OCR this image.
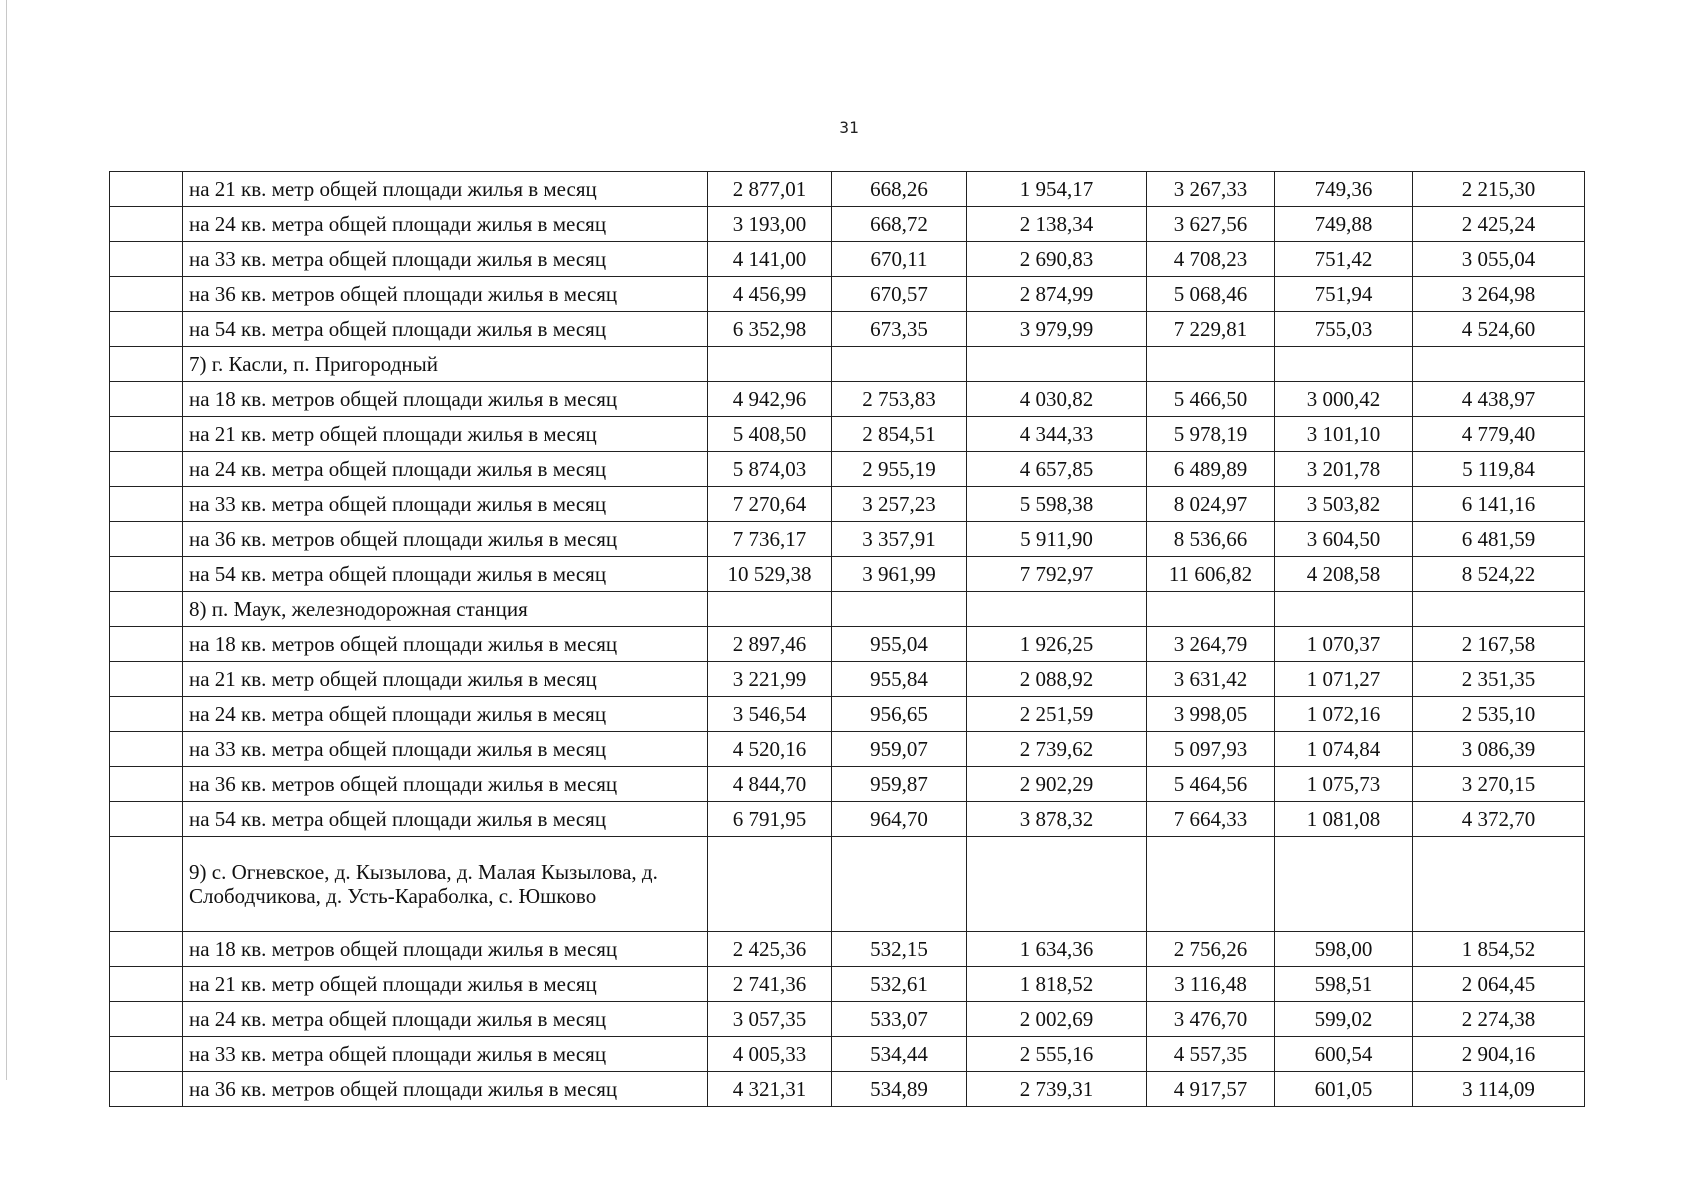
31
	на 21 кв. метр общей площади жилья в месяц	2 877,01	668,26	1 954,17	3 267,33	749,36	2 215,30
	на 24 кв. метра общей площади жилья в месяц	3 193,00	668,72	2 138,34	3 627,56	749,88	2 425,24
	на 33 кв. метра общей площади жилья в месяц	4 141,00	670,11	2 690,83	4 708,23	751,42	3 055,04
	на 36 кв. метров общей площади жилья в месяц	4 456,99	670,57	2 874,99	5 068,46	751,94	3 264,98
	на 54 кв. метра общей площади жилья в месяц	6 352,98	673,35	3 979,99	7 229,81	755,03	4 524,60
	7) г. Касли, п. Пригородный						
	на 18 кв. метров общей площади жилья в месяц	4 942,96	2 753,83	4 030,82	5 466,50	3 000,42	4 438,97
	на 21 кв. метр общей площади жилья в месяц	5 408,50	2 854,51	4 344,33	5 978,19	3 101,10	4 779,40
	на 24 кв. метра общей площади жилья в месяц	5 874,03	2 955,19	4 657,85	6 489,89	3 201,78	5 119,84
	на 33 кв. метра общей площади жилья в месяц	7 270,64	3 257,23	5 598,38	8 024,97	3 503,82	6 141,16
	на 36 кв. метров общей площади жилья в месяц	7 736,17	3 357,91	5 911,90	8 536,66	3 604,50	6 481,59
	на 54 кв. метра общей площади жилья в месяц	10 529,38	3 961,99	7 792,97	11 606,82	4 208,58	8 524,22
	8) п. Маук, железнодорожная станция						
	на 18 кв. метров общей площади жилья в месяц	2 897,46	955,04	1 926,25	3 264,79	1 070,37	2 167,58
	на 21 кв. метр общей площади жилья в месяц	3 221,99	955,84	2 088,92	3 631,42	1 071,27	2 351,35
	на 24 кв. метра общей площади жилья в месяц	3 546,54	956,65	2 251,59	3 998,05	1 072,16	2 535,10
	на 33 кв. метра общей площади жилья в месяц	4 520,16	959,07	2 739,62	5 097,93	1 074,84	3 086,39
	на 36 кв. метров общей площади жилья в месяц	4 844,70	959,87	2 902,29	5 464,56	1 075,73	3 270,15
	на 54 кв. метра общей площади жилья в месяц	6 791,95	964,70	3 878,32	7 664,33	1 081,08	4 372,70
	9) с. Огневское, д. Кызылова, д. Малая Кызылова, д. Слободчикова, д. Усть-Караболка, с. Юшково						
	на 18 кв. метров общей площади жилья в месяц	2 425,36	532,15	1 634,36	2 756,26	598,00	1 854,52
	на 21 кв. метр общей площади жилья в месяц	2 741,36	532,61	1 818,52	3 116,48	598,51	2 064,45
	на 24 кв. метра общей площади жилья в месяц	3 057,35	533,07	2 002,69	3 476,70	599,02	2 274,38
	на 33 кв. метра общей площади жилья в месяц	4 005,33	534,44	2 555,16	4 557,35	600,54	2 904,16
	на 36 кв. метров общей площади жилья в месяц	4 321,31	534,89	2 739,31	4 917,57	601,05	3 114,09
